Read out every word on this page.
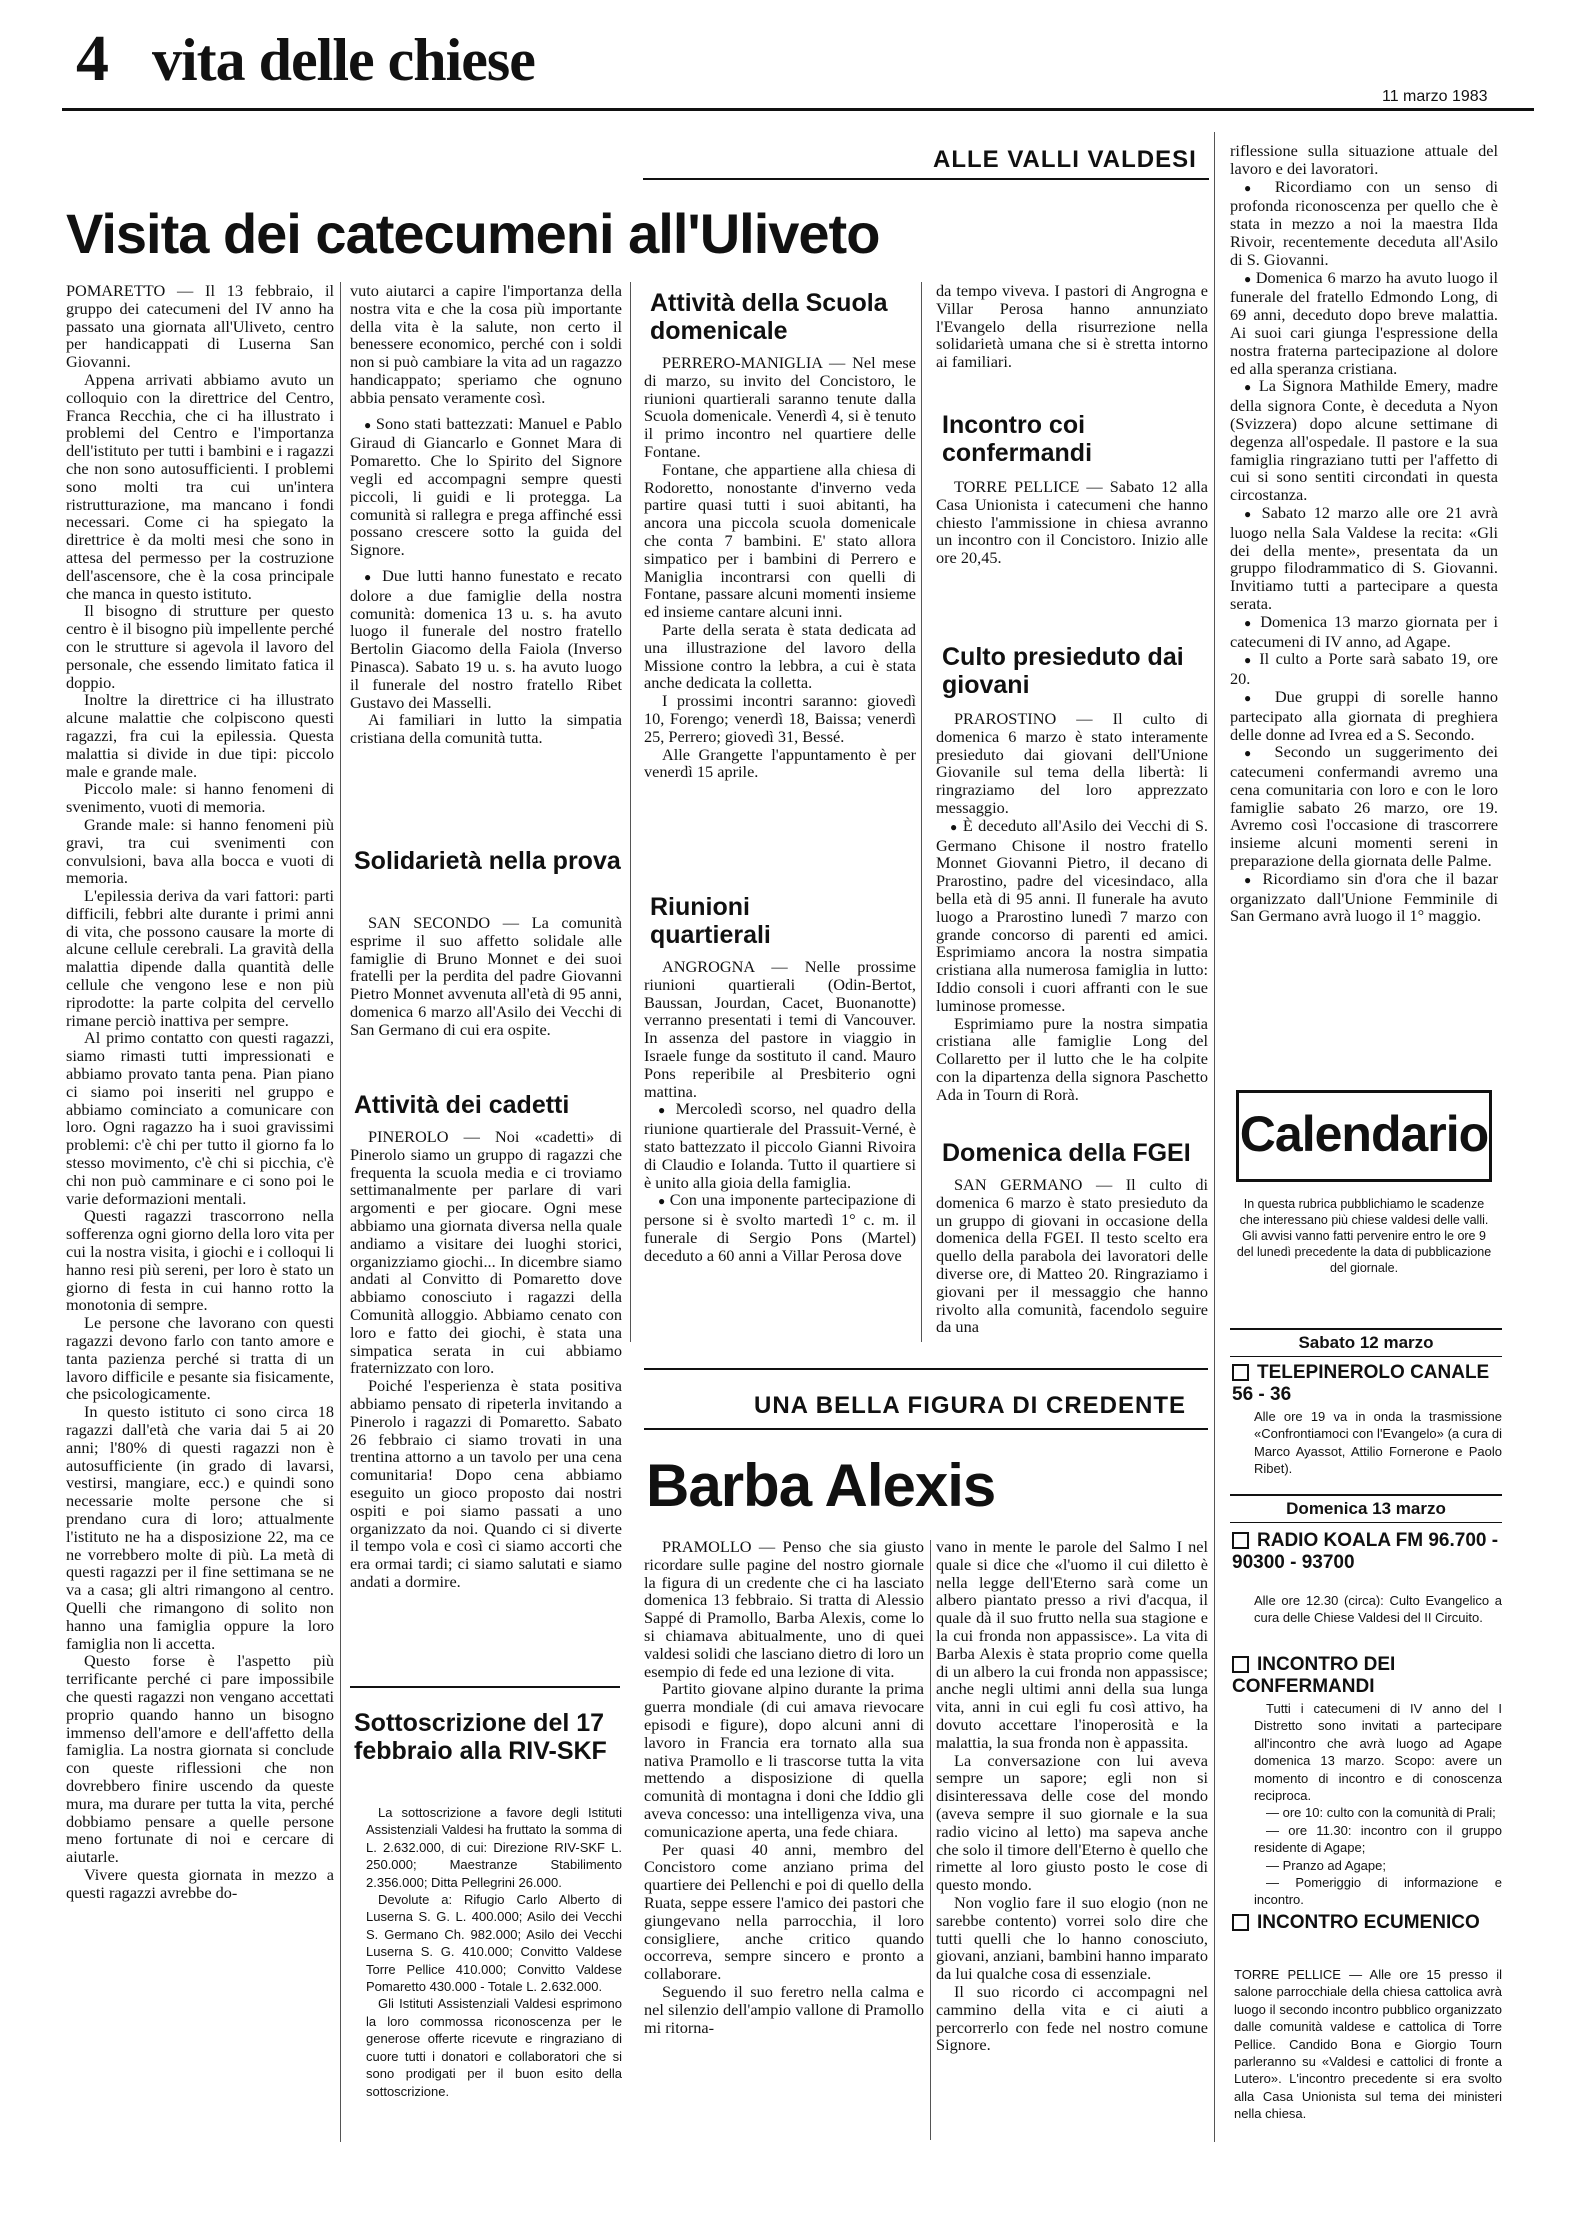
4 vita delle chiese
11 marzo 1983
ALLE VALLI VALDESI
Visita dei catecumeni all'Uliveto

POMARETTO — Il 13 febbraio, il gruppo dei catecumeni del IV anno ha passato una giornata all'Uliveto, centro per handicappati di Luserna San Giovanni.

Appena arrivati abbiamo avuto un colloquio con la direttrice del Centro, Franca Recchia, che ci ha illustrato i problemi del Centro e l'importanza dell'istituto per tutti i bambini e i ragazzi che non sono autosufficienti. I problemi sono molti tra cui un'intera ristrutturazione, ma mancano i fondi necessari. Come ci ha spiegato la direttrice è da molti mesi che sono in attesa del permesso per la costruzione dell'ascensore, che è la cosa principale che manca in questo istituto.

Il bisogno di strutture per questo centro è il bisogno più impellente perché con le strutture si agevola il lavoro del personale, che essendo limitato fatica il doppio.

Inoltre la direttrice ci ha illustrato alcune malattie che colpiscono questi ragazzi, fra cui la epilessia. Questa malattia si divide in due tipi: piccolo male e grande male.

Piccolo male: si hanno fenomeni di svenimento, vuoti di memoria.

Grande male: si hanno fenomeni più gravi, tra cui svenimenti con convulsioni, bava alla bocca e vuoti di memoria.

L'epilessia deriva da vari fattori: parti difficili, febbri alte durante i primi anni di vita, che possono causare la morte di alcune cellule cerebrali. La gravità della malattia dipende dalla quantità delle cellule che vengono lese e non più riprodotte: la parte colpita del cervello rimane perciò inattiva per sempre.

Al primo contatto con questi ragazzi, siamo rimasti tutti impressionati e abbiamo provato tanta pena. Pian piano ci siamo poi inseriti nel gruppo e abbiamo cominciato a comunicare con loro. Ogni ragazzo ha i suoi gravissimi problemi: c'è chi per tutto il giorno fa lo stesso movimento, c'è chi si picchia, c'è chi non può camminare e ci sono poi le varie deformazioni mentali.

Questi ragazzi trascorrono nella sofferenza ogni giorno della loro vita per cui la nostra visita, i giochi e i colloqui li hanno resi più sereni, per loro è stato un giorno di festa in cui hanno rotto la monotonia di sempre.

Le persone che lavorano con questi ragazzi devono farlo con tanto amore e tanta pazienza perché si tratta di un lavoro difficile e pesante sia fisicamente, che psicologicamente.

In questo istituto ci sono circa 18 ragazzi dall'età che varia dai 5 ai 20 anni; l'80% di questi ragazzi non è autosufficiente (in grado di lavarsi, vestirsi, mangiare, ecc.) e quindi sono necessarie molte persone che si prendano cura di loro; attualmente l'istituto ne ha a disposizione 22, ma ce ne vorrebbero molte di più. La metà di questi ragazzi per il fine settimana se ne va a casa; gli altri rimangono al centro. Quelli che rimangono di solito non hanno una famiglia oppure la loro famiglia non li accetta.

Questo forse è l'aspetto più terrificante perché ci pare impossibile che questi ragazzi non vengano accettati proprio quando hanno un bisogno immenso dell'amore e dell'affetto della famiglia. La nostra giornata si conclude con queste riflessioni che non dovrebbero finire uscendo da queste mura, ma durare per tutta la vita, perché dobbiamo pensare a quelle persone meno fortunate di noi e cercare di aiutarle.

Vivere questa giornata in mezzo a questi ragazzi avrebbe do-

vuto aiutarci a capire l'importanza della nostra vita e che la cosa più importante della vita è la salute, non certo il benessere economico, perché con i soldi non si può cambiare la vita ad un ragazzo handicappato; speriamo che ognuno abbia pensato veramente così.

● Sono stati battezzati: Manuel e Pablo Giraud di Giancarlo e Gonnet Mara di Pomaretto. Che lo Spirito del Signore vegli ed accompagni sempre questi piccoli, li guidi e li protegga. La comunità si rallegra e prega affinché essi possano crescere sotto la guida del Signore.

● Due lutti hanno funestato e recato dolore a due famiglie della nostra comunità: domenica 13 u. s. ha avuto luogo il funerale del nostro fratello Bertolin Giacomo della Faiola (Inverso Pinasca). Sabato 19 u. s. ha avuto luogo il funerale del nostro fratello Ribet Gustavo dei Masselli.

Ai familiari in lutto la simpatia cristiana della comunità tutta.

Solidarietà nella prova

SAN SECONDO — La comunità esprime il suo affetto solidale alle famiglie di Bruno Monnet e dei suoi fratelli per la perdita del padre Giovanni Pietro Monnet avvenuta all'età di 95 anni, domenica 6 marzo all'Asilo dei Vecchi di San Germano di cui era ospite.

Attività dei cadetti

PINEROLO — Noi «cadetti» di Pinerolo siamo un gruppo di ragazzi che frequenta la scuola media e ci troviamo settimanalmente per parlare di vari argomenti e per giocare. Ogni mese abbiamo una giornata diversa nella quale andiamo a visitare dei luoghi storici, organizziamo giochi... In dicembre siamo andati al Convitto di Pomaretto dove abbiamo conosciuto i ragazzi della Comunità alloggio. Abbiamo cenato con loro e fatto dei giochi, è stata una simpatica serata in cui abbiamo fraternizzato con loro.

Poiché l'esperienza è stata positiva abbiamo pensato di ripeterla invitando a Pinerolo i ragazzi di Pomaretto. Sabato 26 febbraio ci siamo trovati in una trentina attorno a un tavolo per una cena comunitaria! Dopo cena abbiamo eseguito un gioco proposto dai nostri ospiti e poi siamo passati a uno organizzato da noi. Quando ci si diverte il tempo vola e così ci siamo accorti che era ormai tardi; ci siamo salutati e siamo andati a dormire.

Sottoscrizione del 17 febbraio alla RIV-SKF

La sottoscrizione a favore degli Istituti Assistenziali Valdesi ha fruttato la somma di L. 2.632.000, di cui: Direzione RIV-SKF L. 250.000; Maestranze Stabilimento 2.356.000; Ditta Pellegrini 26.000.

Devolute a: Rifugio Carlo Alberto di Luserna S. G. L. 400.000; Asilo dei Vecchi S. Germano Ch. 982.000; Asilo dei Vecchi Luserna S. G. 410.000; Convitto Valdese Torre Pellice 410.000; Convitto Valdese Pomaretto 430.000 - Totale L. 2.632.000.

Gli Istituti Assistenziali Valdesi esprimono la loro commossa riconoscenza per le generose offerte ricevute e ringraziano di cuore tutti i donatori e collaboratori che si sono prodigati per il buon esito della sottoscrizione.

Attività della Scuola domenicale

PERRERO-MANIGLIA — Nel mese di marzo, su invito del Concistoro, le riunioni quartierali saranno tenute dalla Scuola domenicale. Venerdì 4, si è tenuto il primo incontro nel quartiere delle Fontane.

Fontane, che appartiene alla chiesa di Rodoretto, nonostante d'inverno veda partire quasi tutti i suoi abitanti, ha ancora una piccola scuola domenicale che conta 7 bambini. E' stato allora simpatico per i bambini di Perrero e Maniglia incontrarsi con quelli di Fontane, passare alcuni momenti insieme ed insieme cantare alcuni inni.

Parte della serata è stata dedicata ad una illustrazione del lavoro della Missione contro la lebbra, a cui è stata anche dedicata la colletta.

I prossimi incontri saranno: giovedì 10, Forengo; venerdì 18, Baissa; venerdì 25, Perrero; giovedì 31, Bessé.

Alle Grangette l'appuntamento è per venerdì 15 aprile.

Riunioni quartierali

ANGROGNA — Nelle prossime riunioni quartierali (Odin-Bertot, Baussan, Jourdan, Cacet, Buonanotte) verranno presentati i temi di Vancouver. In assenza del pastore in viaggio in Israele funge da sostituto il cand. Mauro Pons reperibile al Presbiterio ogni mattina.

● Mercoledì scorso, nel quadro della riunione quartierale del Prassuit-Verné, è stato battezzato il piccolo Gianni Rivoira di Claudio e Iolanda. Tutto il quartiere si è unito alla gioia della famiglia.

● Con una imponente partecipazione di persone si è svolto martedì 1° c. m. il funerale di Sergio Pons (Martel) deceduto a 60 anni a Villar Perosa dove

da tempo viveva. I pastori di Angrogna e Villar Perosa hanno annunziato l'Evangelo della risurrezione nella solidarietà umana che si è stretta intorno ai familiari.

Incontro coi confermandi

TORRE PELLICE — Sabato 12 alla Casa Unionista i catecumeni che hanno chiesto l'ammissione in chiesa avranno un incontro con il Concistoro. Inizio alle ore 20,45.

Culto presieduto dai giovani

PRAROSTINO — Il culto di domenica 6 marzo è stato interamente presieduto dai giovani dell'Unione Giovanile sul tema della libertà: li ringraziamo del loro apprezzato messaggio.

● È deceduto all'Asilo dei Vecchi di S. Germano Chisone il nostro fratello Monnet Giovanni Pietro, il decano di Prarostino, padre del vicesindaco, alla bella età di 95 anni. Il funerale ha avuto luogo a Prarostino lunedì 7 marzo con grande concorso di parenti ed amici. Esprimiamo ancora la nostra simpatia cristiana alla numerosa famiglia in lutto: Iddio consoli i cuori affranti con le sue luminose promesse.

Esprimiamo pure la nostra simpatia cristiana alle famiglie Long del Collaretto per il lutto che le ha colpite con la dipartenza della signora Paschetto Ada in Tourn di Rorà.

Domenica della FGEI

SAN GERMANO — Il culto di domenica 6 marzo è stato presieduto da un gruppo di giovani in occasione della domenica della FGEI. Il testo scelto era quello della parabola dei lavoratori delle diverse ore, di Matteo 20. Ringraziamo i giovani per il messaggio che hanno rivolto alla comunità, facendolo seguire da una

riflessione sulla situazione attuale del lavoro e dei lavoratori.

● Ricordiamo con un senso di profonda riconoscenza per quello che è stata in mezzo a noi la maestra Ilda Rivoir, recentemente deceduta all'Asilo di S. Giovanni.

● Domenica 6 marzo ha avuto luogo il funerale del fratello Edmondo Long, di 69 anni, deceduto dopo breve malattia. Ai suoi cari giunga l'espressione della nostra fraterna partecipazione al dolore ed alla speranza cristiana.

● La Signora Mathilde Emery, madre della signora Conte, è deceduta a Nyon (Svizzera) dopo alcune settimane di degenza all'ospedale. Il pastore e la sua famiglia ringraziano tutti per l'affetto di cui si sono sentiti circondati in questa circostanza.

● Sabato 12 marzo alle ore 21 avrà luogo nella Sala Valdese la recita: «Gli dei della mente», presentata da un gruppo filodrammatico di S. Giovanni. Invitiamo tutti a partecipare a questa serata.

● Domenica 13 marzo giornata per i catecumeni di IV anno, ad Agape.

● Il culto a Porte sarà sabato 19, ore 20.

● Due gruppi di sorelle hanno partecipato alla giornata di preghiera delle donne ad Ivrea ed a S. Secondo.

● Secondo un suggerimento dei catecumeni confermandi avremo una cena comunitaria con loro e con le loro famiglie sabato 26 marzo, ore 19. Avremo così l'occasione di trascorrere insieme alcuni momenti sereni in preparazione della giornata delle Palme.

● Ricordiamo sin d'ora che il bazar organizzato dall'Unione Femminile di San Germano avrà luogo il 1° maggio.

Calendario
In questa rubrica pubblichiamo le scadenze che interessano più chiese valdesi delle valli. Gli avvisi vanno fatti pervenire entro le ore 9 del lunedì precedente la data di pubblicazione del giornale.
Sabato 12 marzo
TELEPINEROLO CANALE 56 - 36
Alle ore 19 va in onda la trasmissione «Confrontiamoci con l'Evangelo» (a cura di Marco Ayassot, Attilio Fornerone e Paolo Ribet).
Domenica 13 marzo
RADIO KOALA FM 96.700 - 90300 - 93700
Alle ore 12.30 (circa): Culto Evangelico a cura delle Chiese Valdesi del II Circuito.
INCONTRO DEI CONFERMANDI

Tutti i catecumeni di IV anno del I Distretto sono invitati a partecipare all'incontro che avrà luogo ad Agape domenica 13 marzo. Scopo: avere un momento di incontro e di conoscenza reciproca.

— ore 10: culto con la comunità di Prali;

— ore 11.30: incontro con il gruppo residente di Agape;

— Pranzo ad Agape;

— Pomeriggio di informazione e incontro.

INCONTRO ECUMENICO
TORRE PELLICE — Alle ore 15 presso il salone parrocchiale della chiesa cattolica avrà luogo il secondo incontro pubblico organizzato dalle comunità valdese e cattolica di Torre Pellice. Candido Bona e Giorgio Tourn parleranno su «Valdesi e cattolici di fronte a Lutero». L'incontro precedente si era svolto alla Casa Unionista sul tema dei ministeri nella chiesa.
UNA BELLA FIGURA DI CREDENTE
Barba Alexis

PRAMOLLO — Penso che sia giusto ricordare sulle pagine del nostro giornale la figura di un credente che ci ha lasciato domenica 13 febbraio. Si tratta di Alessio Sappé di Pramollo, Barba Alexis, come lo si chiamava abitualmente, uno di quei valdesi solidi che lasciano dietro di loro un esempio di fede ed una lezione di vita.

Partito giovane alpino durante la prima guerra mondiale (di cui amava rievocare episodi e figure), dopo alcuni anni di lavoro in Francia era tornato alla sua nativa Pramollo e li trascorse tutta la vita mettendo a disposizione di quella comunità di montagna i doni che Iddio gli aveva concesso: una intelligenza viva, una comunicazione aperta, una fede chiara.

Per quasi 40 anni, membro del Concistoro come anziano prima del quartiere dei Pellenchi e poi di quello della Ruata, seppe essere l'amico dei pastori che giungevano nella parrocchia, il loro consigliere, anche critico quando occorreva, sempre sincero e pronto a collaborare.

Seguendo il suo feretro nella calma e nel silenzio dell'ampio vallone di Pramollo mi ritorna-

vano in mente le parole del Salmo I nel quale si dice che «l'uomo il cui diletto è nella legge dell'Eterno sarà come un albero piantato presso a rivi d'acqua, il quale dà il suo frutto nella sua stagione e la cui fronda non appassisce». La vita di Barba Alexis è stata proprio come quella di un albero la cui fronda non appassisce; anche negli ultimi anni della sua lunga vita, anni in cui egli fu così attivo, ha dovuto accettare l'inoperosità e la malattia, la sua fronda non è appassita.

La conversazione con lui aveva sempre un sapore; egli non si disinteressava delle cose del mondo (aveva sempre il suo giornale e la sua radio vicino al letto) ma sapeva anche che solo il timore dell'Eterno è quello che rimette al loro giusto posto le cose di questo mondo.

Non voglio fare il suo elogio (non ne sarebbe contento) vorrei solo dire che tutti quelli che lo hanno conosciuto, giovani, anziani, bambini hanno imparato da lui qualche cosa di essenziale.

Il suo ricordo ci accompagni nel cammino della vita e ci aiuti a percorrerlo con fede nel nostro comune Signore.
